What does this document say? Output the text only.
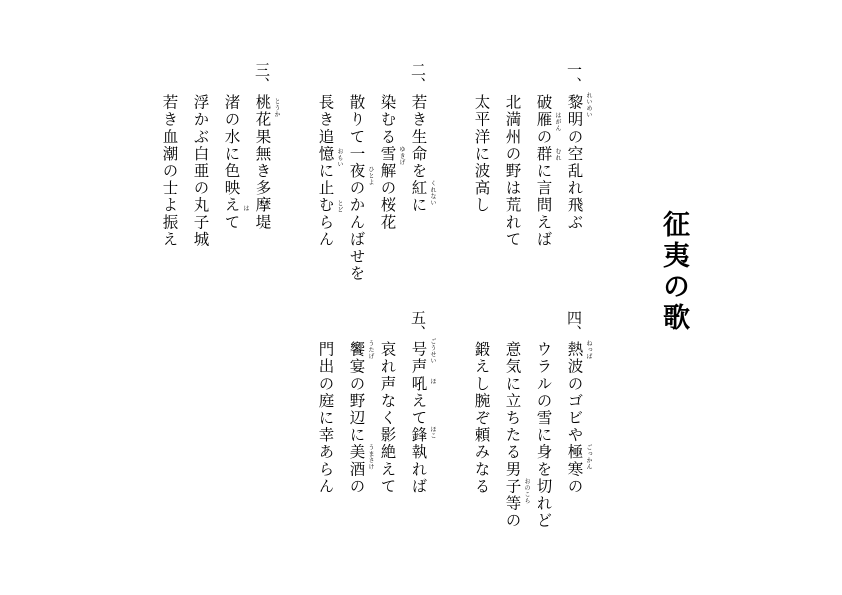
征夷の歌
一、
黎明の空乱れ飛ぶ
破雁の群に言問えば
北満州の野は荒れて
太平洋に波高し
二、
若き生命を紅に
染むる雪解の桜花
散りて一夜のかんばせを
長き追憶に止むらん
三、
桃花果無き多摩堤
渚の水に色映えて
浮かぶ白亜の丸子城
若き血潮の士よ振え
四、
熱波のゴビや極寒の
ウラルの雪に身を切れど
意気に立ちたる男子等の
鍛えし腕ぞ頼みなる
五、
号声吼えて鋒執れば
哀れ声なく影絶えて
饗宴の野辺に美酒の
門出の庭に幸あらん
れいめい
はがん
むれ
くれない
ゆきげ
ひとよ
おもい
とど
とうか
は
ねっぱ
ごっかん
おのこら
ごうせい
ほ
ほこ
うたげ
うまさけ
